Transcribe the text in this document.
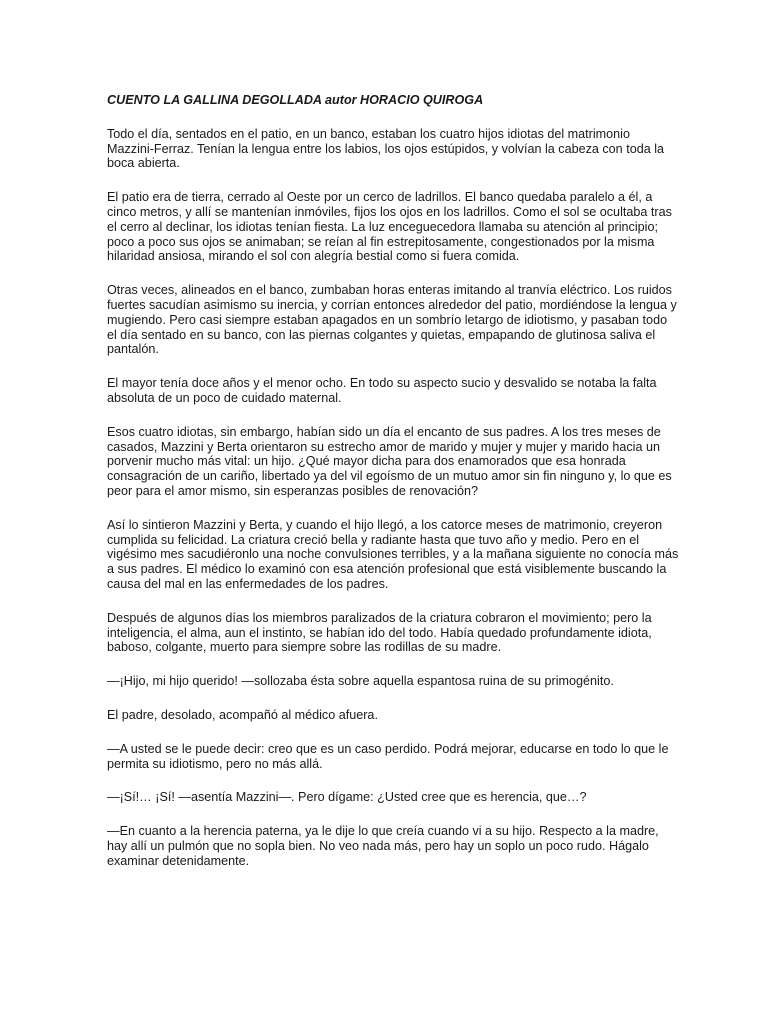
CUENTO LA GALLINA DEGOLLADA autor HORACIO QUIROGA

Todo el día, sentados en el patio, en un banco, estaban los cuatro hijos idiotas del matrimonio Mazzini-Ferraz. Tenían la lengua entre los labios, los ojos estúpidos, y volvían la cabeza con toda la boca abierta.

El patio era de tierra, cerrado al Oeste por un cerco de ladrillos. El banco quedaba paralelo a él, a cinco metros, y allí se mantenían inmóviles, fijos los ojos en los ladrillos. Como el sol se ocultaba tras el cerro al declinar, los idiotas tenían fiesta. La luz enceguecedora llamaba su atención al principio; poco a poco sus ojos se animaban; se reían al fin estrepitosamente, congestionados por la misma hilaridad ansiosa, mirando el sol con alegría bestial como si fuera comida.

Otras veces, alineados en el banco, zumbaban horas enteras imitando al tranvía eléctrico. Los ruidos fuertes sacudían asimismo su inercia, y corrían entonces alrededor del patio, mordiéndose la lengua y mugiendo. Pero casi siempre estaban apagados en un sombrío letargo de idiotismo, y pasaban todo el día sentado en su banco, con las piernas colgantes y quietas, empapando de glutinosa saliva el pantalón.

El mayor tenía doce años y el menor ocho. En todo su aspecto sucio y desvalido se notaba la falta absoluta de un poco de cuidado maternal.

Esos cuatro idiotas, sin embargo, habían sido un día el encanto de sus padres. A los tres meses de casados, Mazzini y Berta orientaron su estrecho amor de marido y mujer y mujer y marido hacia un porvenir mucho más vital: un hijo. ¿Qué mayor dicha para dos enamorados que esa honrada consagración de un cariño, libertado ya del vil egoísmo de un mutuo amor sin fin ninguno y, lo que es peor para el amor mismo, sin esperanzas posibles de renovación?

Así lo sintieron Mazzini y Berta, y cuando el hijo llegó, a los catorce meses de matrimonio, creyeron cumplida su felicidad. La criatura creció bella y radiante hasta que tuvo año y medio. Pero en el vigésimo mes sacudiéronlo una noche convulsiones terribles, y a la mañana siguiente no conocía más a sus padres. El médico lo examinó con esa atención profesional que está visiblemente buscando la causa del mal en las enfermedades de los padres.

Después de algunos días los miembros paralizados de la criatura cobraron el movimiento; pero la inteligencia, el alma, aun el instinto, se habían ido del todo. Había quedado profundamente idiota, baboso, colgante, muerto para siempre sobre las rodillas de su madre.

—¡Hijo, mi hijo querido! —sollozaba ésta sobre aquella espantosa ruina de su primogénito.

El padre, desolado, acompañó al médico afuera.

—A usted se le puede decir: creo que es un caso perdido. Podrá mejorar, educarse en todo lo que le permita su idiotismo, pero no más allá.

—¡Sí!… ¡Sí! —asentía Mazzini—. Pero dígame: ¿Usted cree que es herencia, que…?

—En cuanto a la herencia paterna, ya le dije lo que creía cuando vi a su hijo. Respecto a la madre, hay allí un pulmón que no sopla bien. No veo nada más, pero hay un soplo un poco rudo. Hágalo examinar detenidamente.
